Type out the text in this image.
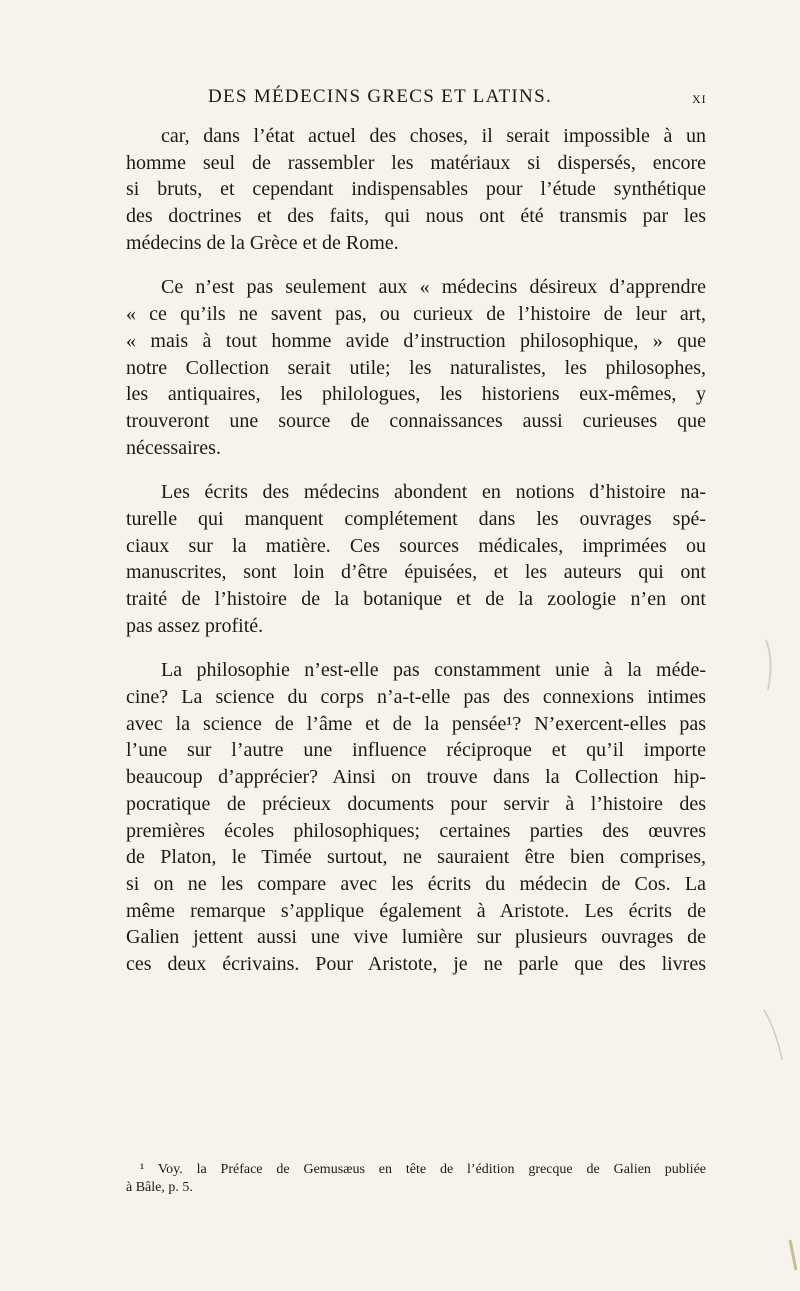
DES MÉDECINS GRECS ET LATINS.	XI

car, dans l’état actuel des choses, il serait impossible à un
homme seul de rassembler les matériaux si dispersés, encore
si bruts, et cependant indispensables pour l’étude synthétique
des doctrines et des faits, qui nous ont été transmis par les
médecins de la Grèce et de Rome.

Ce n’est pas seulement aux « médecins désireux d’apprendre
« ce qu’ils ne savent pas, ou curieux de l’histoire de leur art,
« mais à tout homme avide d’instruction philosophique, » que
notre Collection serait utile; les naturalistes, les philosophes,
les antiquaires, les philologues, les historiens eux-mêmes, y
trouveront une source de connaissances aussi curieuses que
nécessaires.

Les écrits des médecins abondent en notions d’histoire na-
turelle qui manquent complétement dans les ouvrages spé-
ciaux sur la matière. Ces sources médicales, imprimées ou
manuscrites, sont loin d’être épuisées, et les auteurs qui ont
traité de l’histoire de la botanique et de la zoologie n’en ont
pas assez profité.

La philosophie n’est-elle pas constamment unie à la méde-
cine? La science du corps n’a-t-elle pas des connexions intimes
avec la science de l’âme et de la pensée¹? N’exercent-elles pas
l’une sur l’autre une influence réciproque et qu’il importe
beaucoup d’apprécier? Ainsi on trouve dans la Collection hip-
pocratique de précieux documents pour servir à l’histoire des
premières écoles philosophiques; certaines parties des œuvres
de Platon, le Timée surtout, ne sauraient être bien comprises,
si on ne les compare avec les écrits du médecin de Cos. La
même remarque s’applique également à Aristote. Les écrits de
Galien jettent aussi une vive lumière sur plusieurs ouvrages de
ces deux écrivains. Pour Aristote, je ne parle que des livres

¹ Voy. la Préface de Gemusæus en tête de l’édition grecque de Galien publiée
à Bâle, p. 5.
